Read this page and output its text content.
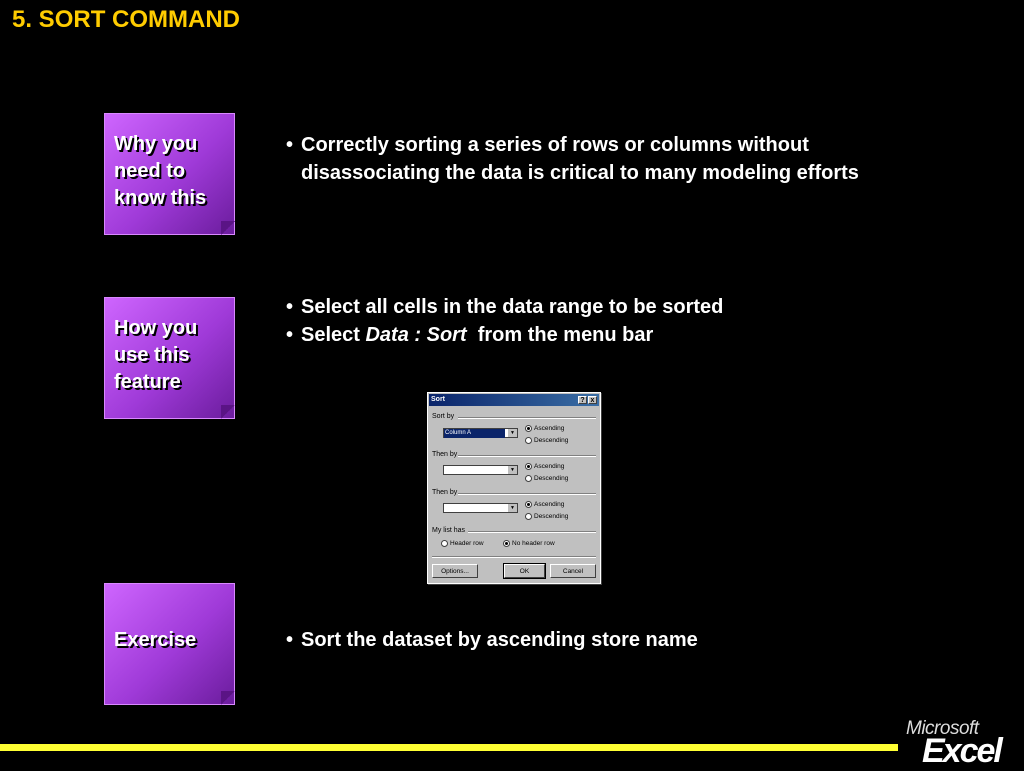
5. SORT COMMAND
Why you
need to
know this
How you
use this
feature
Exercise
• Correctly sorting a series of rows or columns without disassociating the data is critical to many modeling efforts
• Select all cells in the data range to be sorted
• Select Data : Sort  from the menu bar
• Sort the dataset by ascending store name
Sort	? x
Sort by
Column A	▼
Ascending
Descending
Then by
▼	Ascending
Descending
Then by
▼	Ascending
Descending
My list has
Header row	No header row
Options...	OK	Cancel
Microsoft
Excel
